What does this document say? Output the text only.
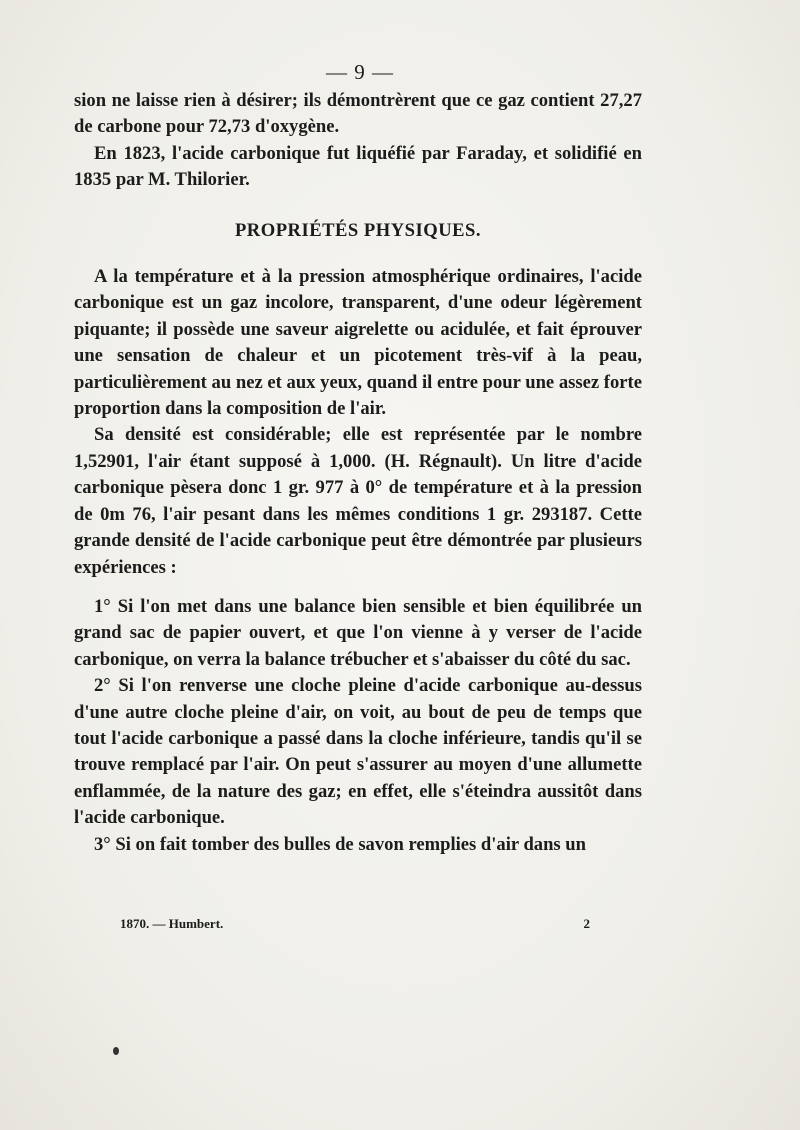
— 9 —

sion ne laisse rien à désirer; ils démontrèrent que ce gaz contient 27,27 de carbone pour 72,73 d'oxygène.

En 1823, l'acide carbonique fut liquéfié par Faraday, et solidifié en 1835 par M. Thilorier.

PROPRIÉTÉS PHYSIQUES.

A la température et à la pression atmosphérique ordinaires, l'acide carbonique est un gaz incolore, transparent, d'une odeur légèrement piquante; il possède une saveur aigrelette ou acidulée, et fait éprouver une sensation de chaleur et un picotement très-vif à la peau, particulièrement au nez et aux yeux, quand il entre pour une assez forte proportion dans la composition de l'air.

Sa densité est considérable; elle est représentée par le nombre 1,52901, l'air étant supposé à 1,000. (H. Régnault). Un litre d'acide carbonique pèsera donc 1 gr. 977 à 0° de température et à la pression de 0m 76, l'air pesant dans les mêmes conditions 1 gr. 293187. Cette grande densité de l'acide carbonique peut être démontrée par plusieurs expériences :

1° Si l'on met dans une balance bien sensible et bien équilibrée un grand sac de papier ouvert, et que l'on vienne à y verser de l'acide carbonique, on verra la balance trébucher et s'abaisser du côté du sac.

2° Si l'on renverse une cloche pleine d'acide carbonique au-dessus d'une autre cloche pleine d'air, on voit, au bout de peu de temps que tout l'acide carbonique a passé dans la cloche inférieure, tandis qu'il se trouve remplacé par l'air. On peut s'assurer au moyen d'une allumette enflammée, de la nature des gaz; en effet, elle s'éteindra aussitôt dans l'acide carbonique.

3° Si on fait tomber des bulles de savon remplies d'air dans un

1870. — Humbert.	2
